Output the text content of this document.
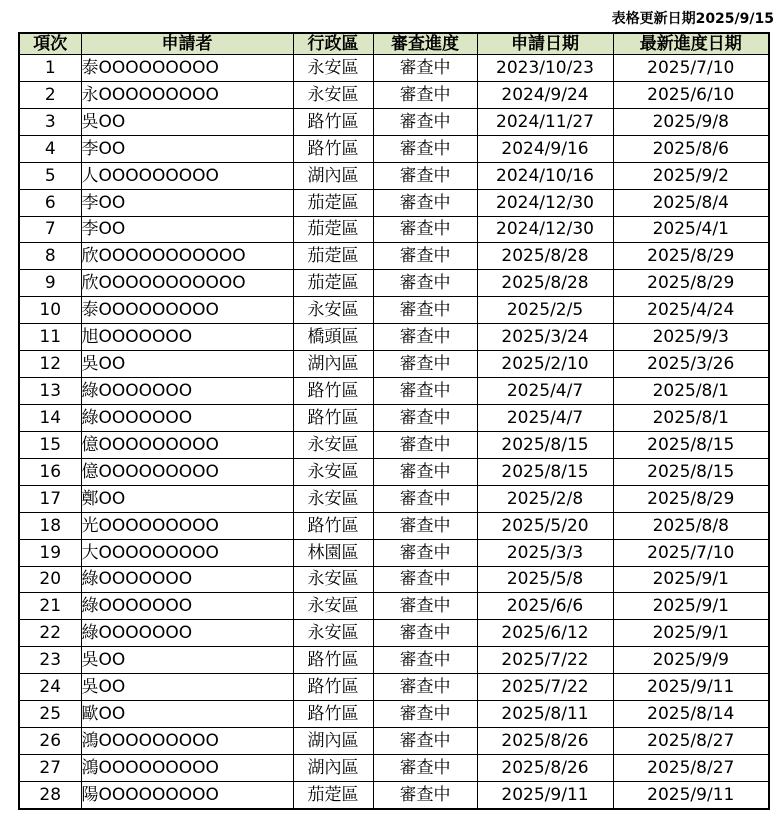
表格更新日期2025/9/15
項次	申請者	行政區	審查進度	申請日期	最新進度日期
1	泰OOOOOOOOO	永安區	審查中	2023/10/23	2025/7/10
2	永OOOOOOOOO	永安區	審查中	2024/9/24	2025/6/10
3	吳OO	路竹區	審查中	2024/11/27	2025/9/8
4	李OO	路竹區	審查中	2024/9/16	2025/8/6
5	人OOOOOOOOO	湖內區	審查中	2024/10/16	2025/9/2
6	李OO	茄萣區	審查中	2024/12/30	2025/8/4
7	李OO	茄萣區	審查中	2024/12/30	2025/4/1
8	欣OOOOOOOOOOO	茄萣區	審查中	2025/8/28	2025/8/29
9	欣OOOOOOOOOOO	茄萣區	審查中	2025/8/28	2025/8/29
10	泰OOOOOOOOO	永安區	審查中	2025/2/5	2025/4/24
11	旭OOOOOOO	橋頭區	審查中	2025/3/24	2025/9/3
12	吳OO	湖內區	審查中	2025/2/10	2025/3/26
13	綠OOOOOOO	路竹區	審查中	2025/4/7	2025/8/1
14	綠OOOOOOO	路竹區	審查中	2025/4/7	2025/8/1
15	億OOOOOOOOO	永安區	審查中	2025/8/15	2025/8/15
16	億OOOOOOOOO	永安區	審查中	2025/8/15	2025/8/15
17	鄭OO	永安區	審查中	2025/2/8	2025/8/29
18	光OOOOOOOOO	路竹區	審查中	2025/5/20	2025/8/8
19	大OOOOOOOOO	林園區	審查中	2025/3/3	2025/7/10
20	綠OOOOOOO	永安區	審查中	2025/5/8	2025/9/1
21	綠OOOOOOO	永安區	審查中	2025/6/6	2025/9/1
22	綠OOOOOOO	永安區	審查中	2025/6/12	2025/9/1
23	吳OO	路竹區	審查中	2025/7/22	2025/9/9
24	吳OO	路竹區	審查中	2025/7/22	2025/9/11
25	歐OO	路竹區	審查中	2025/8/11	2025/8/14
26	鴻OOOOOOOOO	湖內區	審查中	2025/8/26	2025/8/27
27	鴻OOOOOOOOO	湖內區	審查中	2025/8/26	2025/8/27
28	陽OOOOOOOOO	茄萣區	審查中	2025/9/11	2025/9/11
